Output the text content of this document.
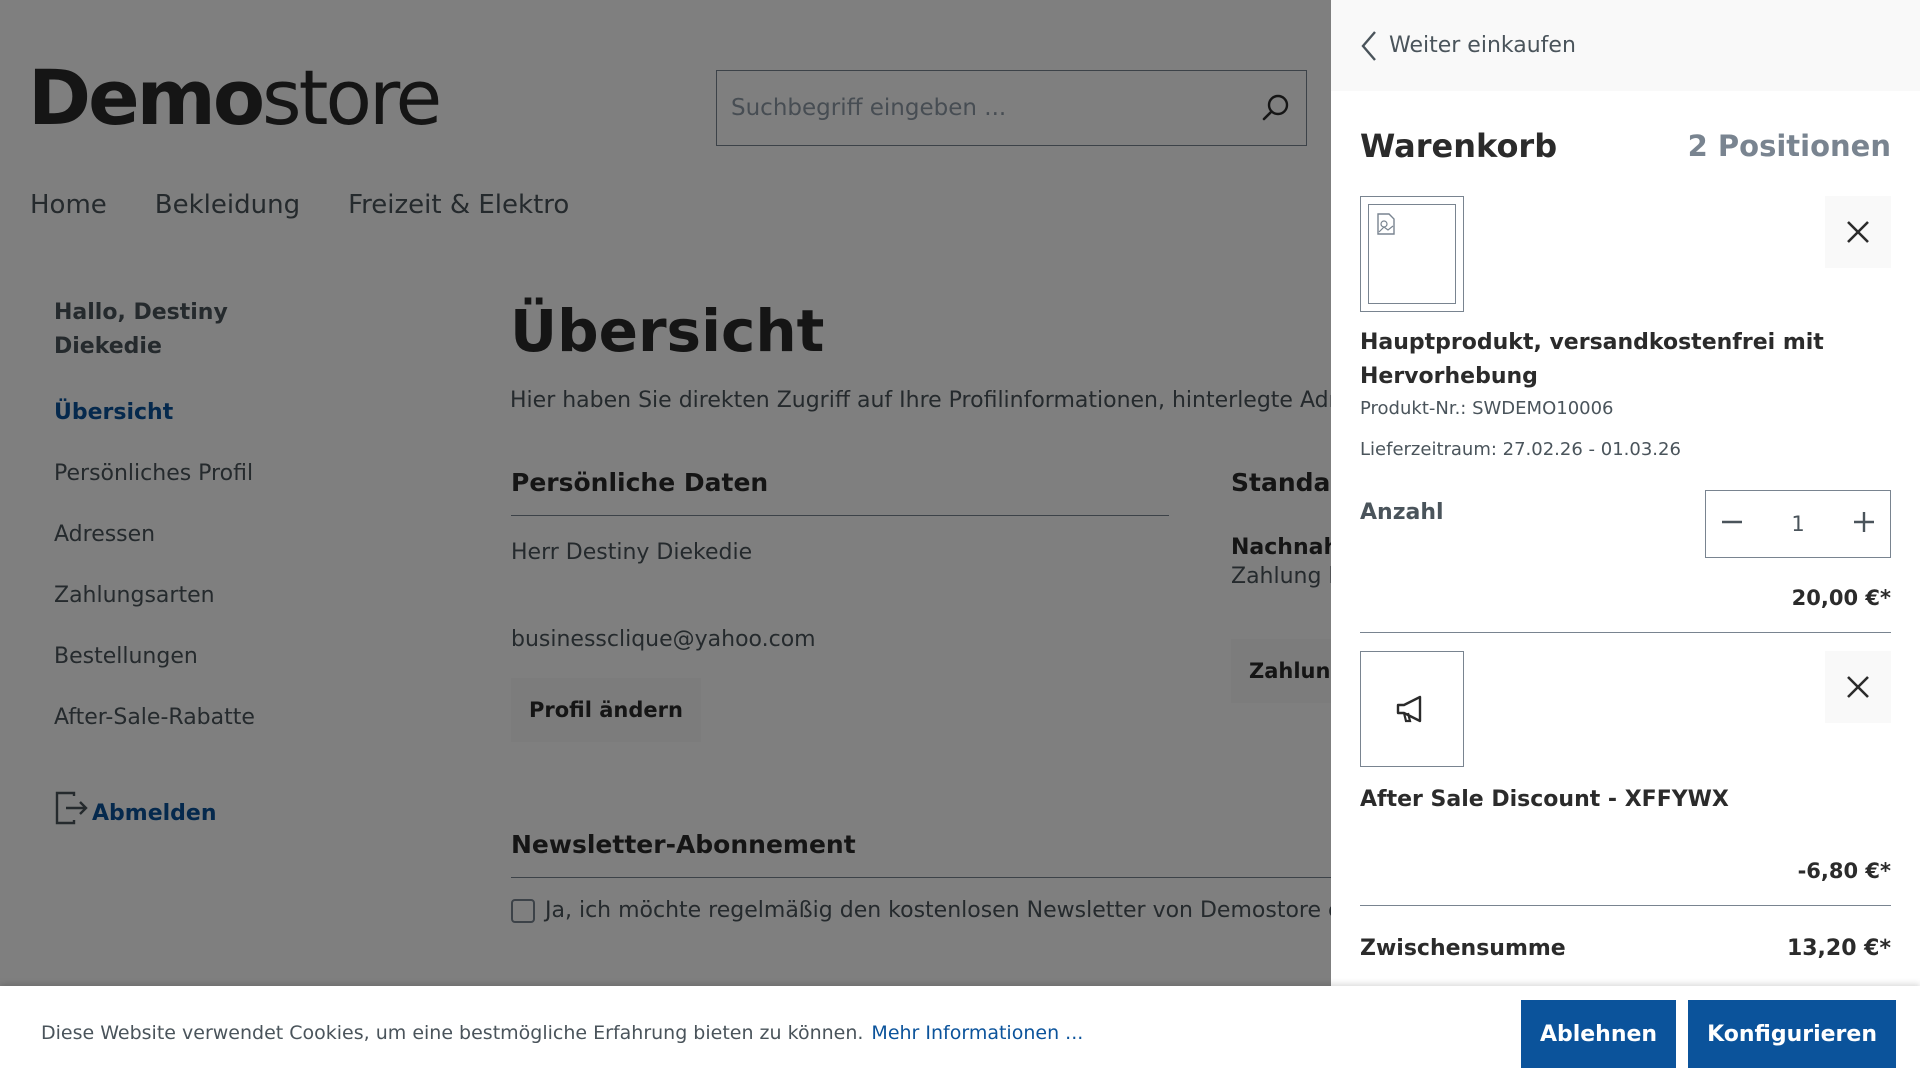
Suchbegriff eingeben ...

Weiter einkaufen
Warenkorb	2 Positionen
Hauptprodukt, versandkostenfrei mit Hervorhebung
Produkt-Nr.: SWDEMO10006
Lieferzeitraum: 27.02.26 - 01.03.26
Anzahl	1
20,00 €*
After Sale Discount - XFFYWX
-6,80 €*
Zwischensumme	13,20 €*
Diese Website verwendet Cookies, um eine bestmögliche Erfahrung bieten zu können. Mehr Informationen ...	Ablehnen	Konfigurieren
